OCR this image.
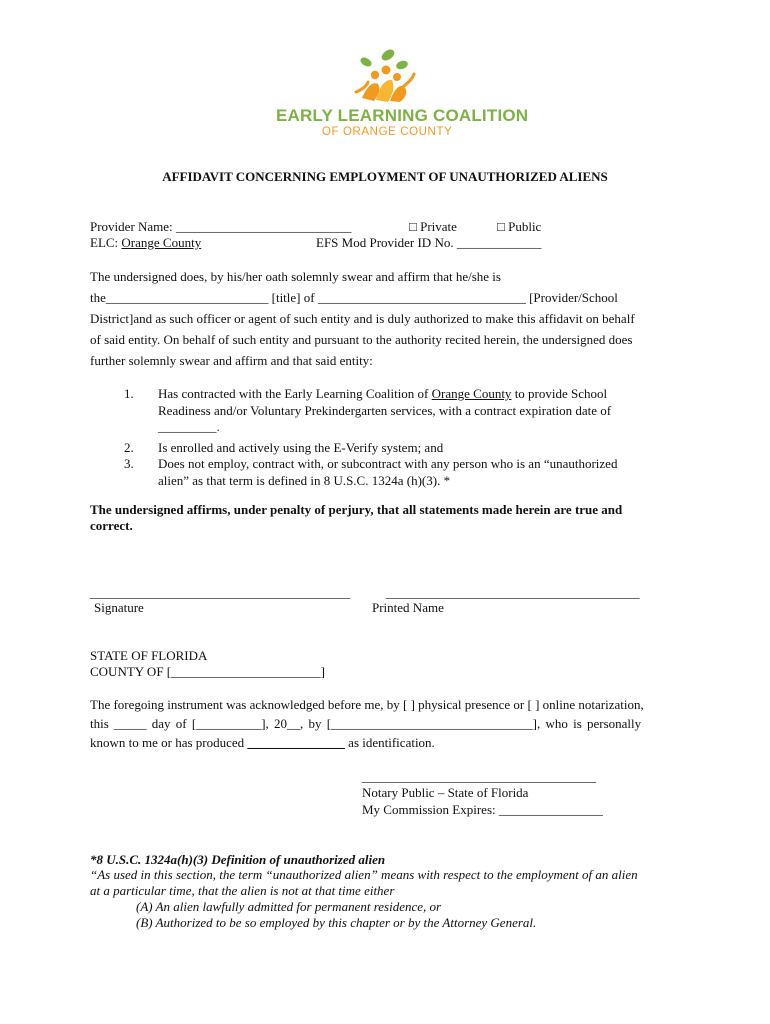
EARLY LEARNING COALITION
OF ORANGE COUNTY
AFFIDAVIT CONCERNING EMPLOYMENT OF UNAUTHORIZED ALIENS
Provider Name: ___________________________	□ Private	□ Public
ELC: Orange County	EFS Mod Provider ID No. _____________
The undersigned does, by his/her oath solemnly swear and affirm that he/she is
the_________________________ [title] of ________________________________ [Provider/School
District]and as such officer or agent of such entity and is duly authorized to make this affidavit on behalf
of said entity. On behalf of such entity and pursuant to the authority recited herein, the undersigned does
further solemnly swear and affirm and that said entity:
1.	Has contracted with the Early Learning Coalition of Orange County to provide School
Readiness and/or Voluntary Prekindergarten services, with a contract expiration date of
_________.
2.	Is enrolled and actively using the E-Verify system; and
3.	Does not employ, contract with, or subcontract with any person who is an “unauthorized
alien” as that term is defined in 8 U.S.C. 1324a (h)(3). *
The undersigned affirms, under penalty of perjury, that all statements made herein are true and
correct.
________________________________________	_______________________________________
Signature	Printed Name
STATE OF FLORIDA
COUNTY OF [_______________________]
The foregoing instrument was acknowledged before me, by [ ] physical presence or [ ] online notarization,
this _____ day of [__________], 20__, by [_______________________________], who is personally
known to me or has produced _______________ as identification.
____________________________________
Notary Public – State of Florida
My Commission Expires: ________________
*8 U.S.C. 1324a(h)(3) Definition of unauthorized alien
“As used in this section, the term “unauthorized alien” means with respect to the employment of an alien
at a particular time, that the alien is not at that time either
(A) An alien lawfully admitted for permanent residence, or
(B) Authorized to be so employed by this chapter or by the Attorney General.
